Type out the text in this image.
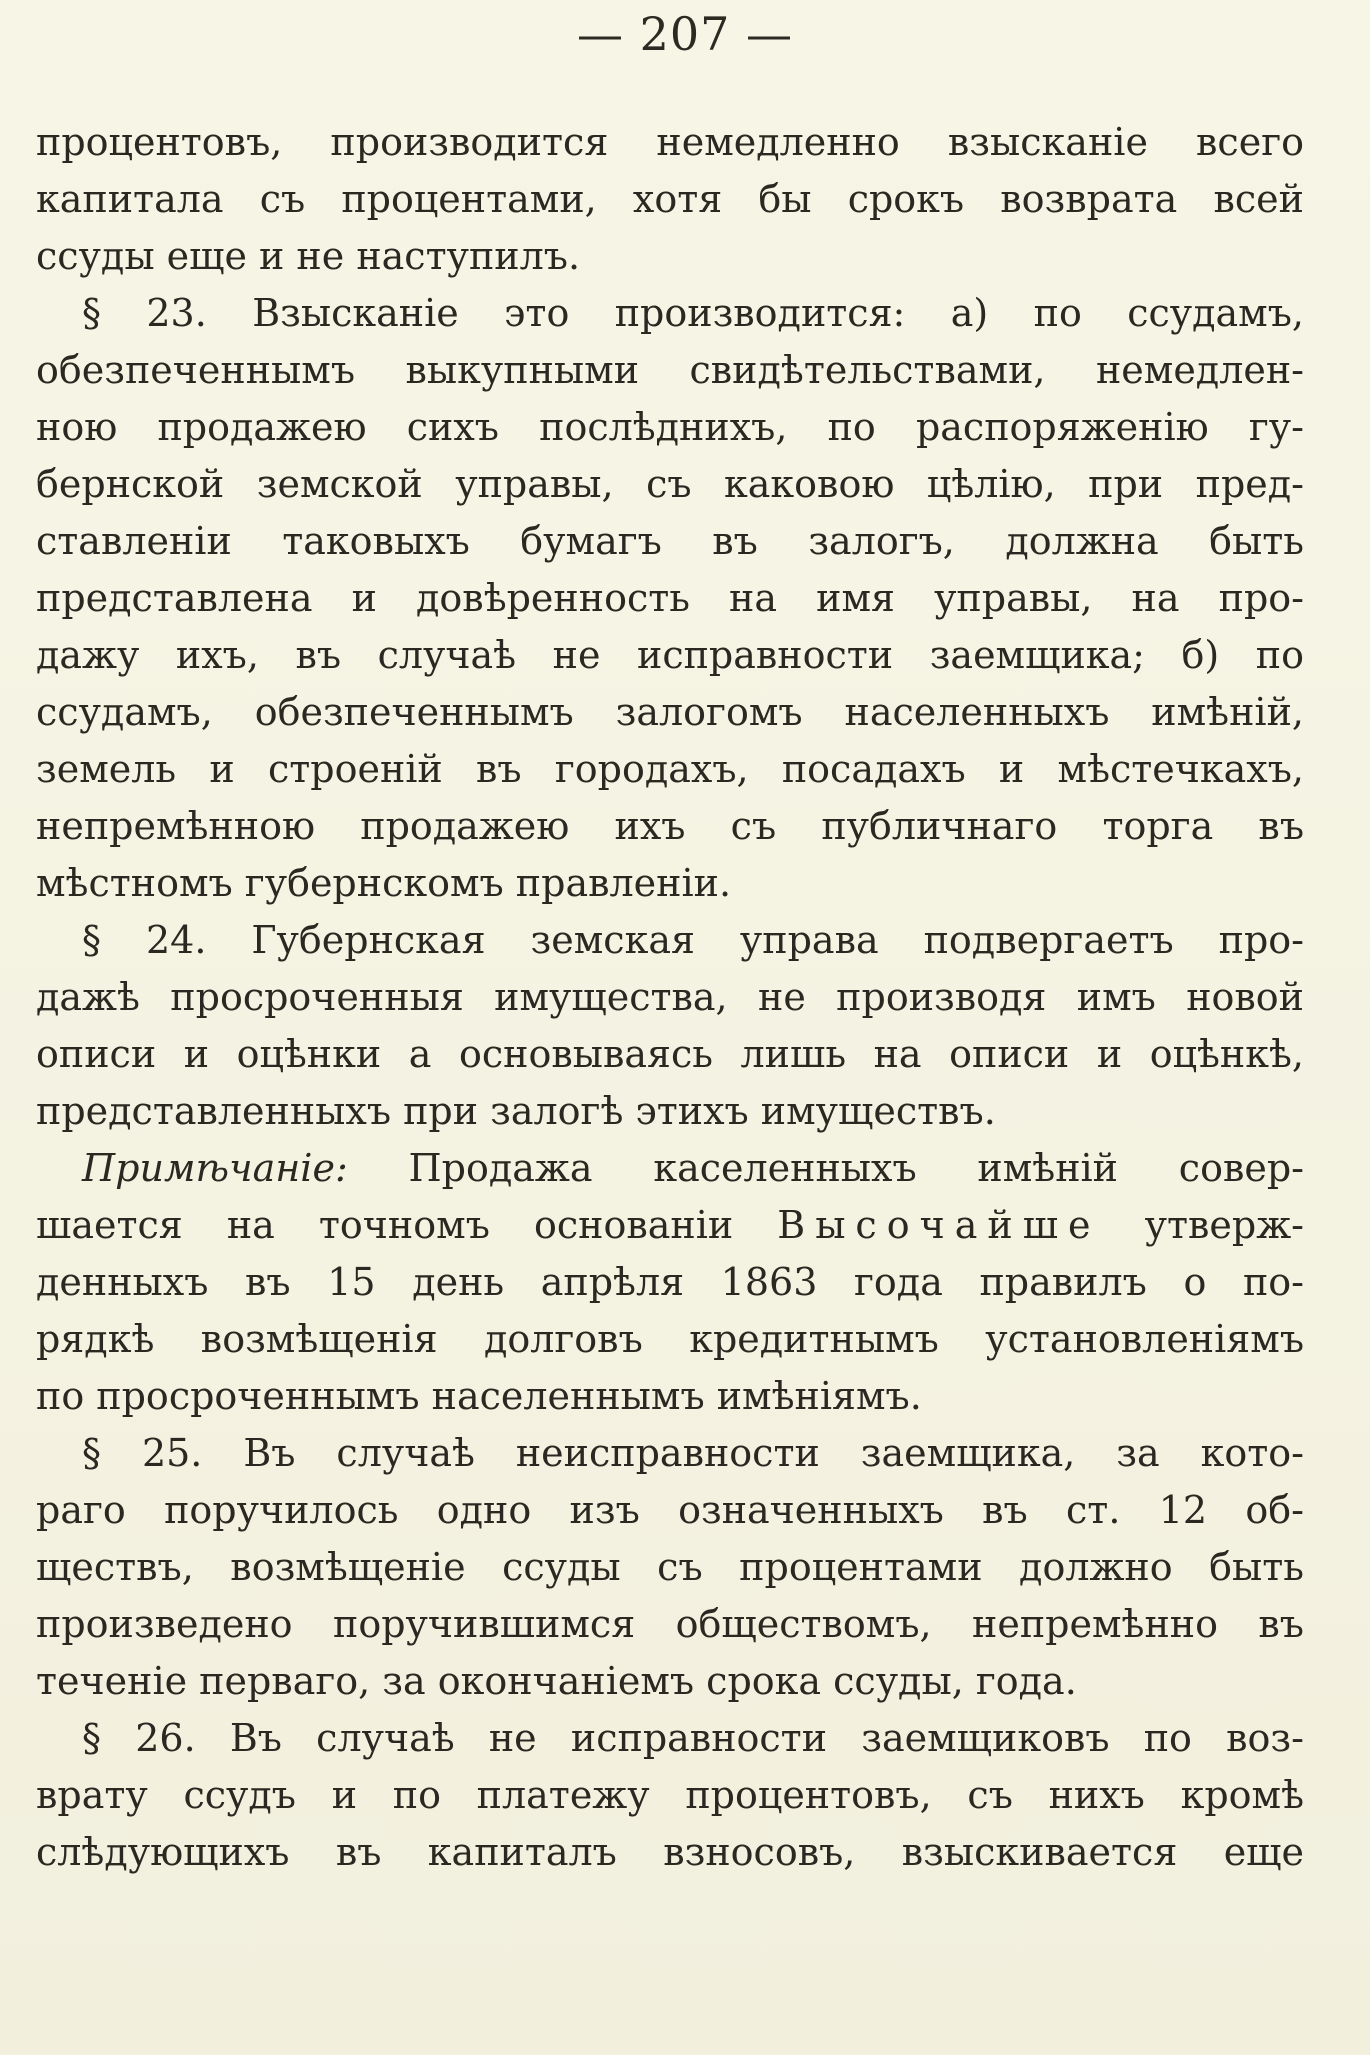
— 207 —
процентовъ, производится немедленно взысканіе всего
капитала съ процентами, хотя бы срокъ возврата всей
ссуды еще и не наступилъ.
§ 23. Взысканіе это производится: а) по ссудамъ,
обезпеченнымъ выкупными свидѣтельствами, немедлен-
ною продажею сихъ послѣднихъ, по распоряженію гу-
бернской земской управы, съ каковою цѣлію, при пред-
ставленіи таковыхъ бумагъ въ залогъ, должна быть
представлена и довѣренность на имя управы, на про-
дажу ихъ, въ случаѣ не исправности заемщика; б) по
ссудамъ, обезпеченнымъ залогомъ населенныхъ имѣній,
земель и строеній въ городахъ, посадахъ и мѣстечкахъ,
непремѣнною продажею ихъ съ публичнаго торга въ
мѣстномъ губернскомъ правленіи.
§ 24. Губернская земская управа подвергаетъ про-
дажѣ просроченныя имущества, не производя имъ новой
описи и оцѣнки а основываясь лишь на описи и оцѣнкѣ,
представленныхъ при залогѣ этихъ имуществъ.
Примѣчаніе: Продажа каселенныхъ имѣній совер-
шается на точномъ основаніи Высочайше утверж-
денныхъ въ 15 день апрѣля 1863 года правилъ о по-
рядкѣ возмѣщенія долговъ кредитнымъ установленіямъ
по просроченнымъ населеннымъ имѣніямъ.
§ 25. Въ случаѣ неисправности заемщика, за кото-
раго поручилось одно изъ означенныхъ въ ст. 12 об-
ществъ, возмѣщеніе ссуды съ процентами должно быть
произведено поручившимся обществомъ, непремѣнно въ
теченіе перваго, за окончаніемъ срока ссуды, года.
§ 26. Въ случаѣ не исправности заемщиковъ по воз-
врату ссудъ и по платежу процентовъ, съ нихъ кромѣ
слѣдующихъ въ капиталъ взносовъ, взыскивается еще
